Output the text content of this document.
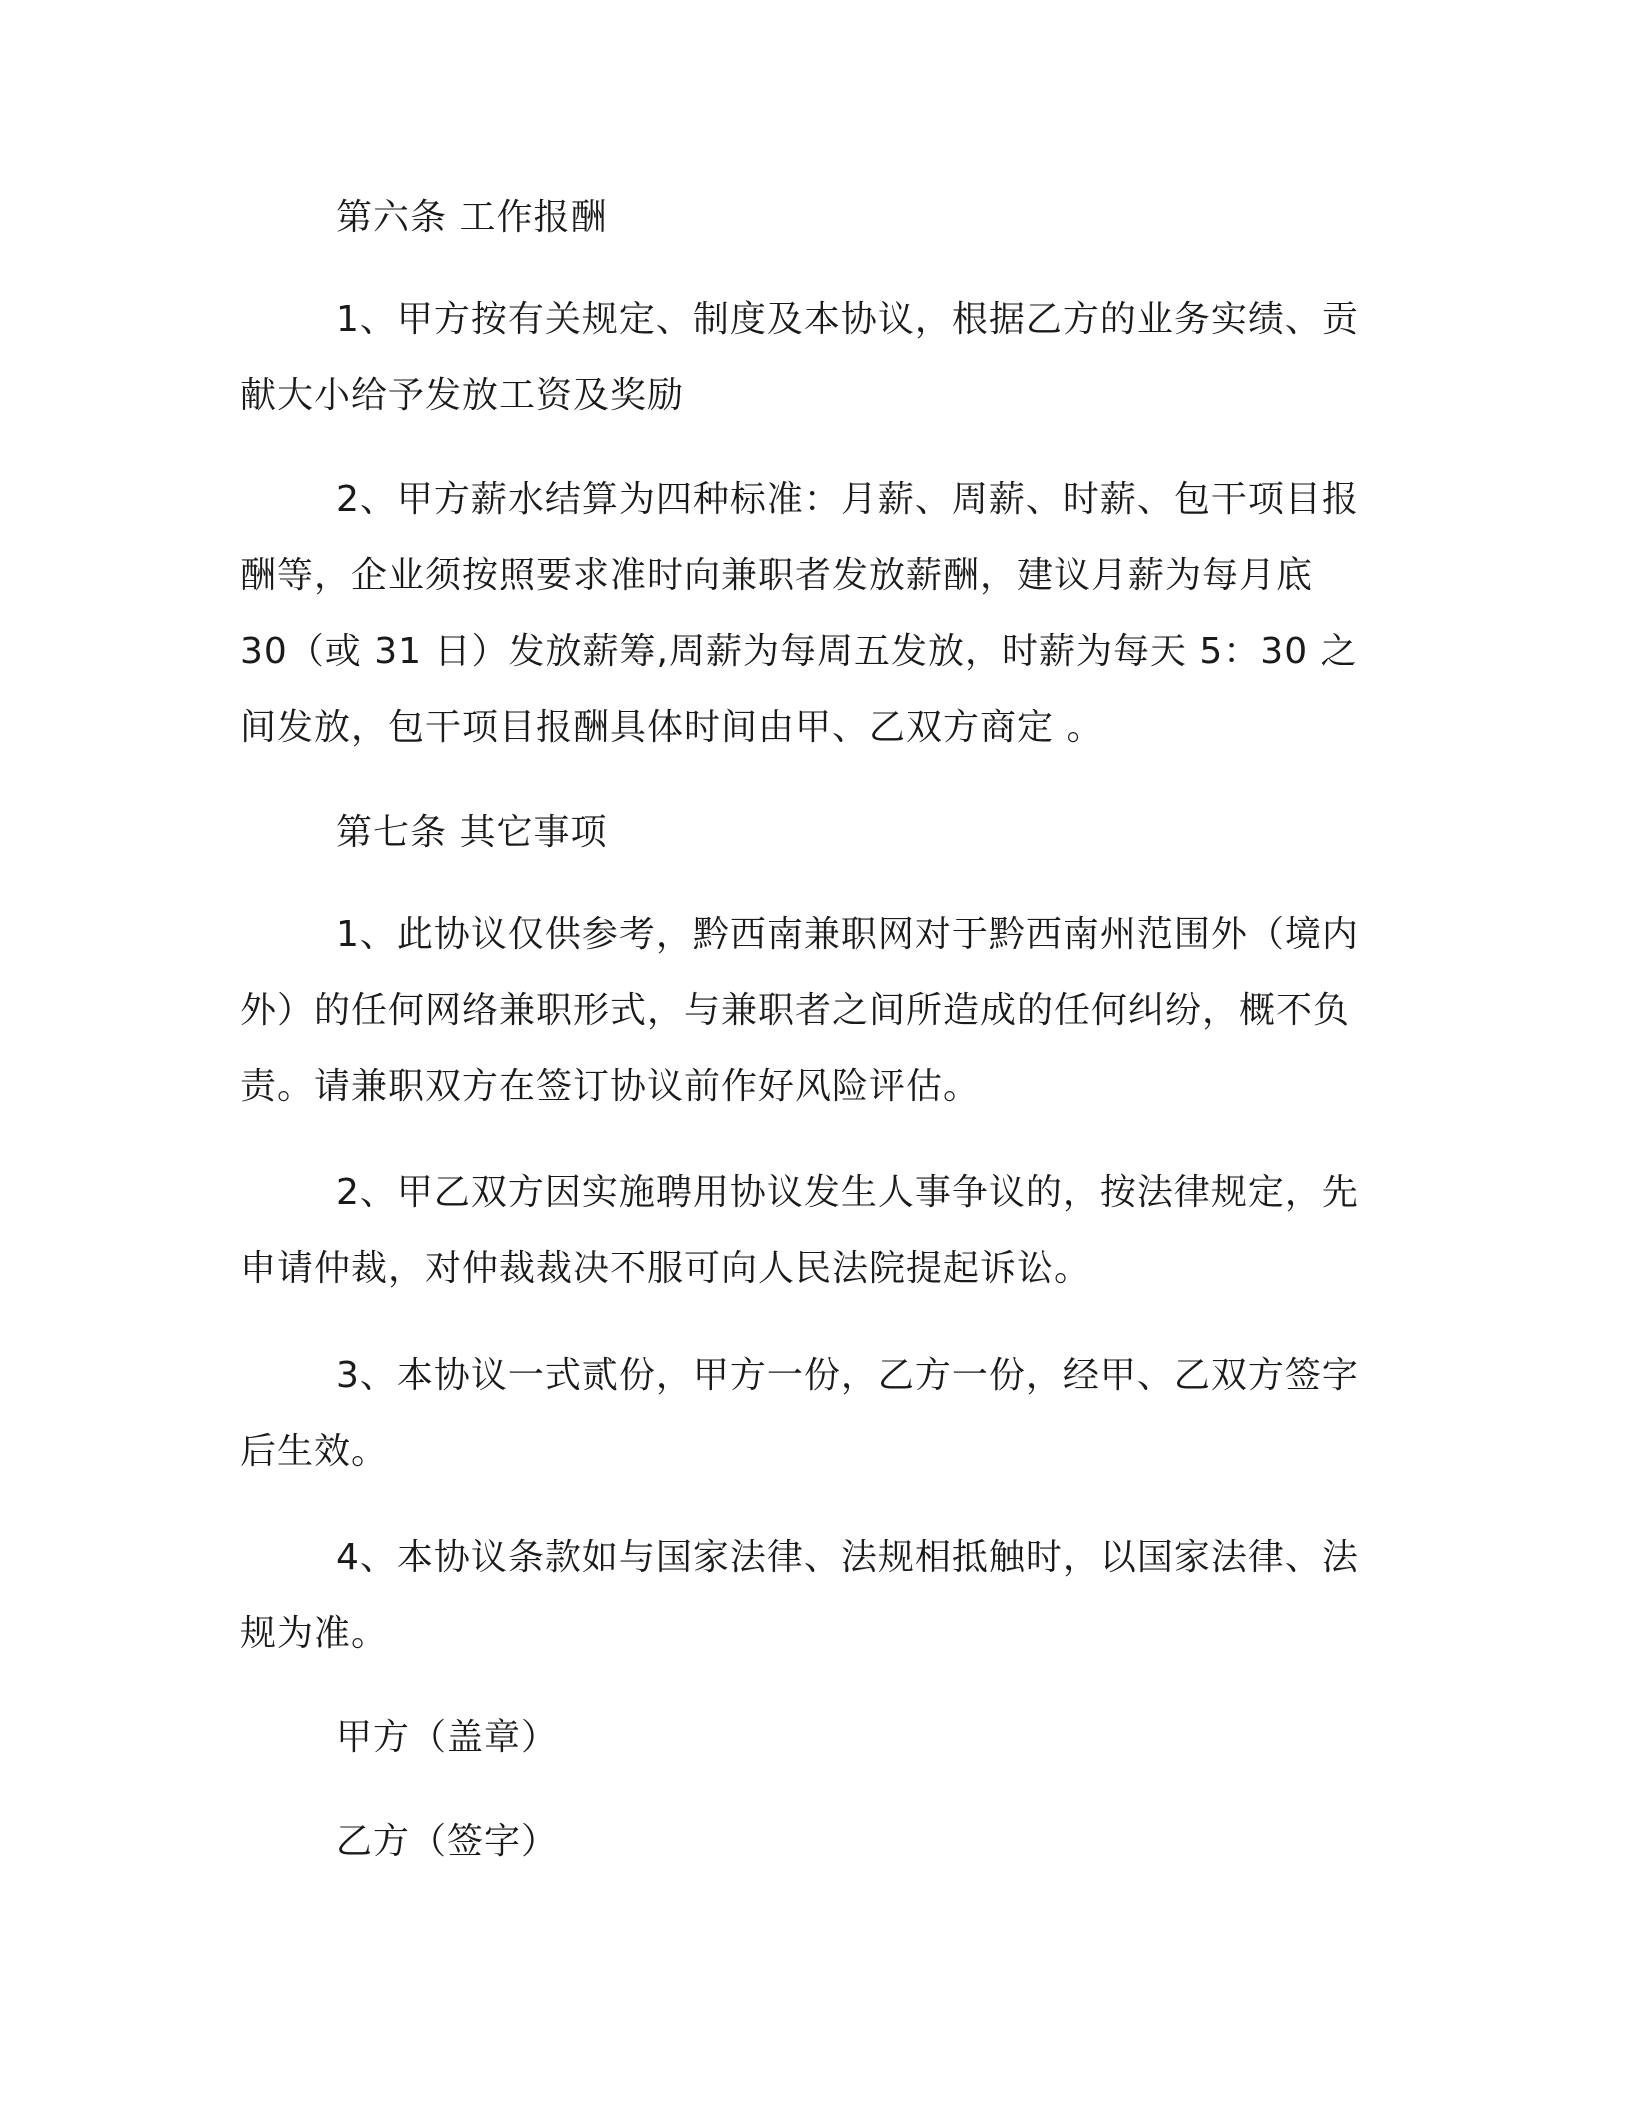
第六条 工作报酬
1、甲方按有关规定、制度及本协议，根据乙方的业务实绩、贡献大小给予发放工资及奖励
2、甲方薪水结算为四种标准：月薪、周薪、时薪、包干项目报酬等，企业须按照要求准时向兼职者发放薪酬，建议月薪为每月底 30（或 31 日）发放薪筹,周薪为每周五发放，时薪为每天 5：30 之间发放，包干项目报酬具体时间由甲、乙双方商定 。
第七条 其它事项
1、此协议仅供参考，黔西南兼职网对于黔西南州范围外（境内外）的任何网络兼职形式，与兼职者之间所造成的任何纠纷，概不负责。请兼职双方在签订协议前作好风险评估。
2、甲乙双方因实施聘用协议发生人事争议的，按法律规定，先申请仲裁，对仲裁裁决不服可向人民法院提起诉讼。
3、本协议一式贰份，甲方一份，乙方一份，经甲、乙双方签字后生效。
4、本协议条款如与国家法律、法规相抵触时，以国家法律、法规为准。
甲方（盖章）
乙方（签字）
